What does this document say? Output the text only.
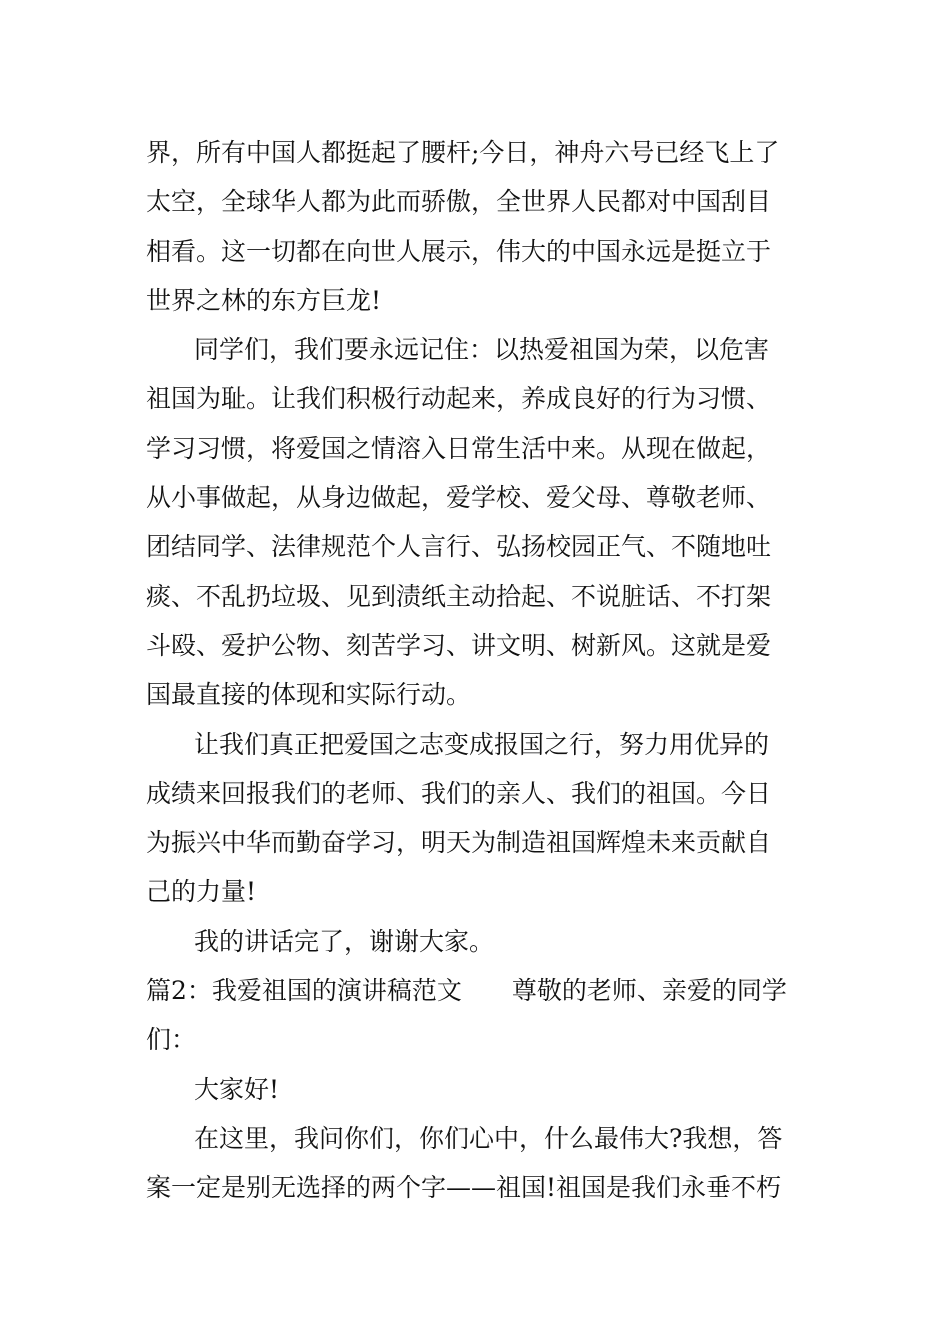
界，所有中国人都挺起了腰杆;今日，神舟六号已经飞上了
太空，全球华人都为此而骄傲，全世界人民都对中国刮目
相看。这一切都在向世人展示，伟大的中国永远是挺立于
世界之林的东方巨龙!
同学们，我们要永远记住：以热爱祖国为荣，以危害
祖国为耻。让我们积极行动起来，养成良好的行为习惯、
学习习惯，将爱国之情溶入日常生活中来。从现在做起，
从小事做起，从身边做起，爱学校、爱父母、尊敬老师、
团结同学、法律规范个人言行、弘扬校园正气、不随地吐
痰、不乱扔垃圾、见到渍纸主动拾起、不说脏话、不打架
斗殴、爱护公物、刻苦学习、讲文明、树新风。这就是爱
国最直接的体现和实际行动。
让我们真正把爱国之志变成报国之行，努力用优异的
成绩来回报我们的老师、我们的亲人、我们的祖国。今日
为振兴中华而勤奋学习，明天为制造祖国辉煌未来贡献自
己的力量!
我的讲话完了，谢谢大家。
篇2：我爱祖国的演讲稿范文 尊敬的老师、亲爱的同学
们：
大家好!
在这里，我问你们，你们心中，什么最伟大?我想，答
案一定是别无选择的两个字——祖国!祖国是我们永垂不朽
